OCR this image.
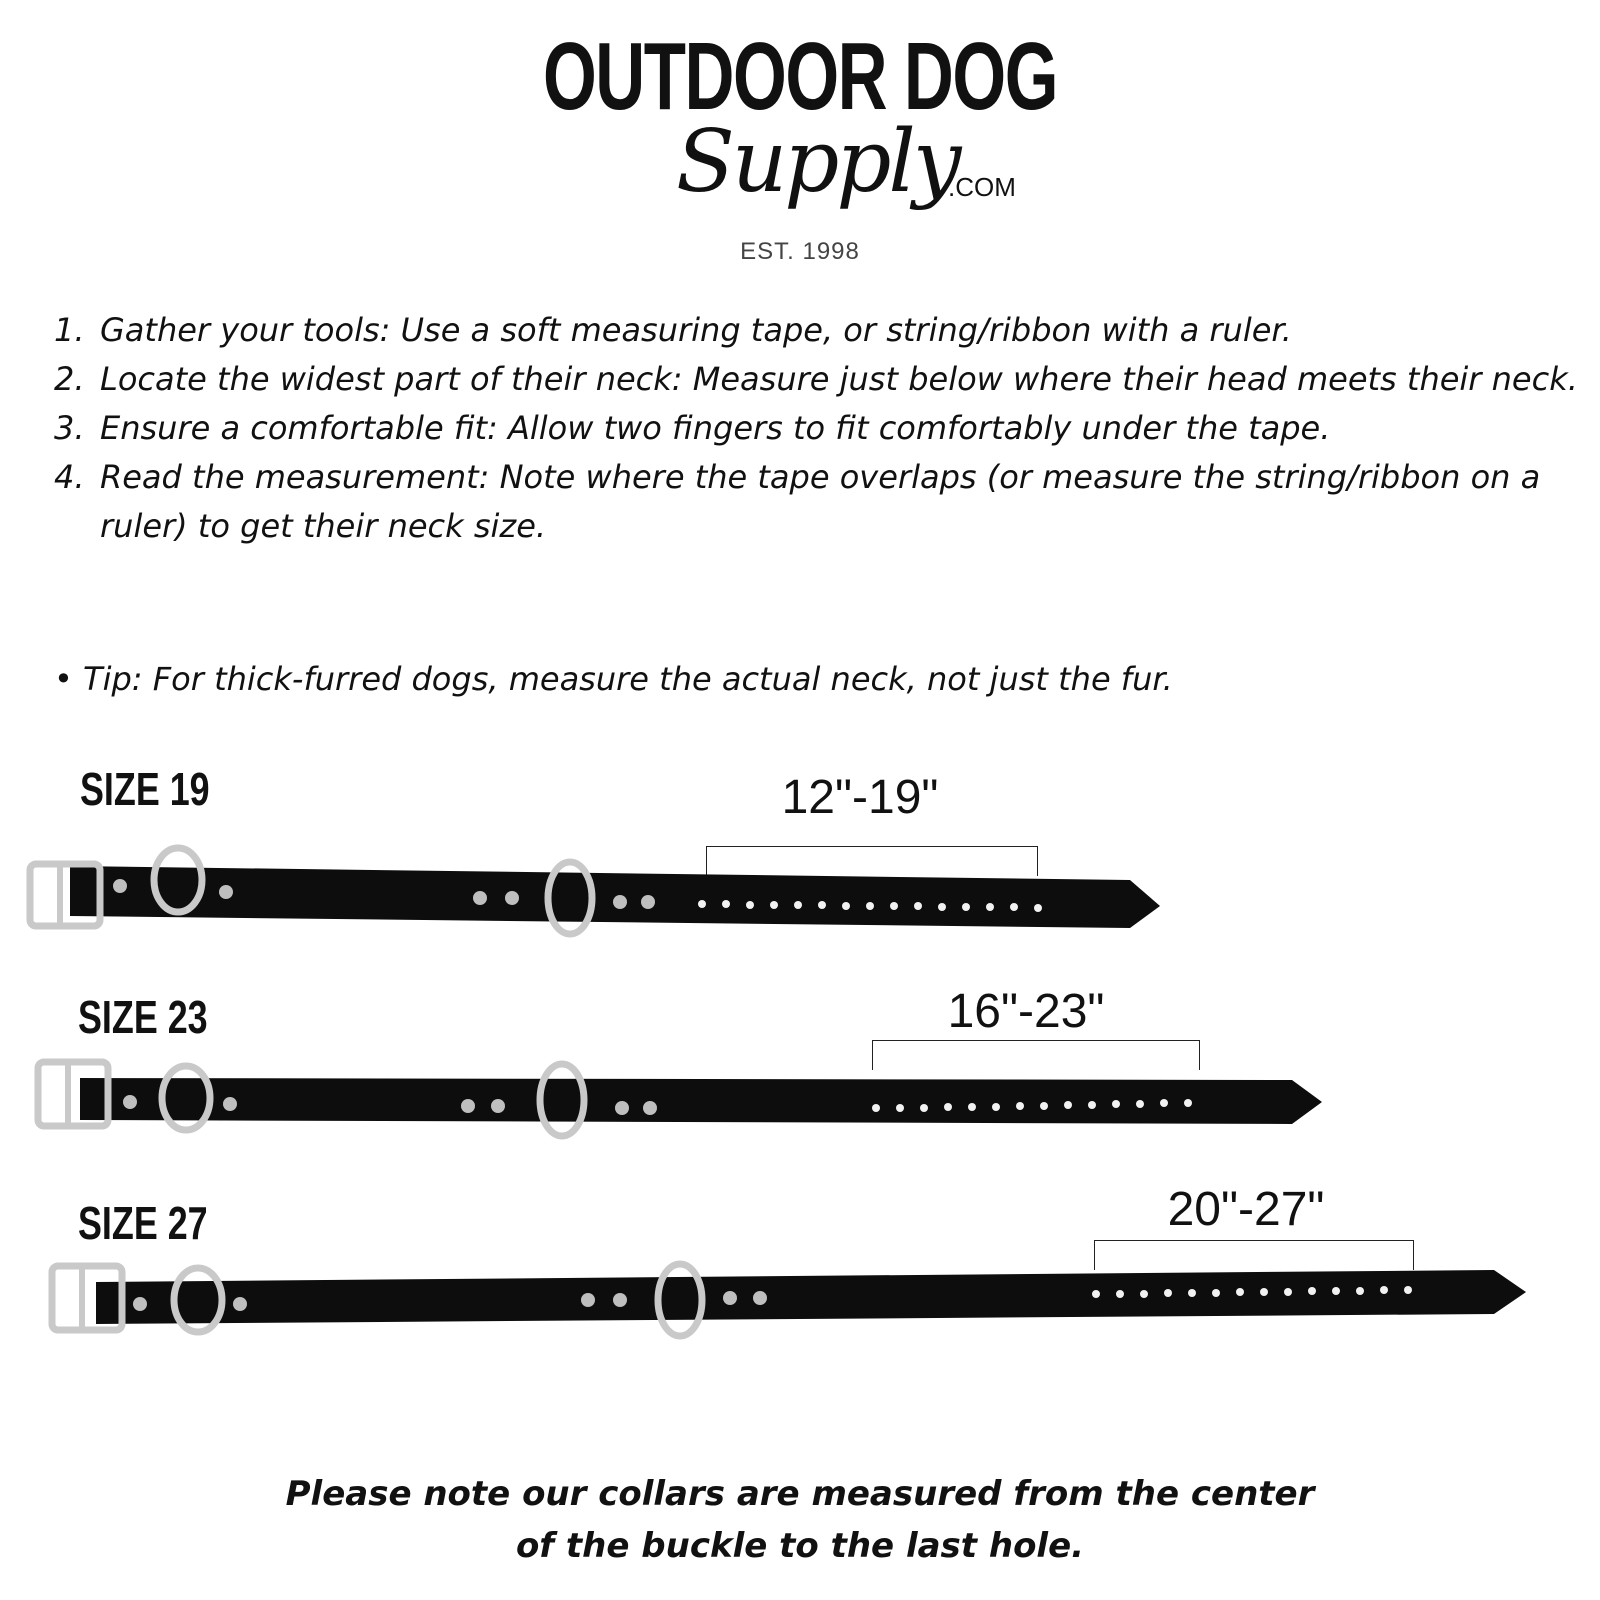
OUTDOOR DOG
Supply
.COM
EST. 1998
1. Gather your tools: Use a soft measuring tape, or string/ribbon with a ruler.
2. Locate the widest part of their neck: Measure just below where their head meets their neck.
3. Ensure a comfortable fit: Allow two fingers to fit comfortably under the tape.
4. Read the measurement: Note where the tape overlaps (or measure the string/ribbon on a ruler) to get their neck size.
• Tip: For thick-furred dogs, measure the actual neck, not just the fur.
SIZE 19	12"-19"
SIZE 23	16"-23"
SIZE 27	20"-27"
Please note our collars are measured from the center
of the buckle to the last hole.
